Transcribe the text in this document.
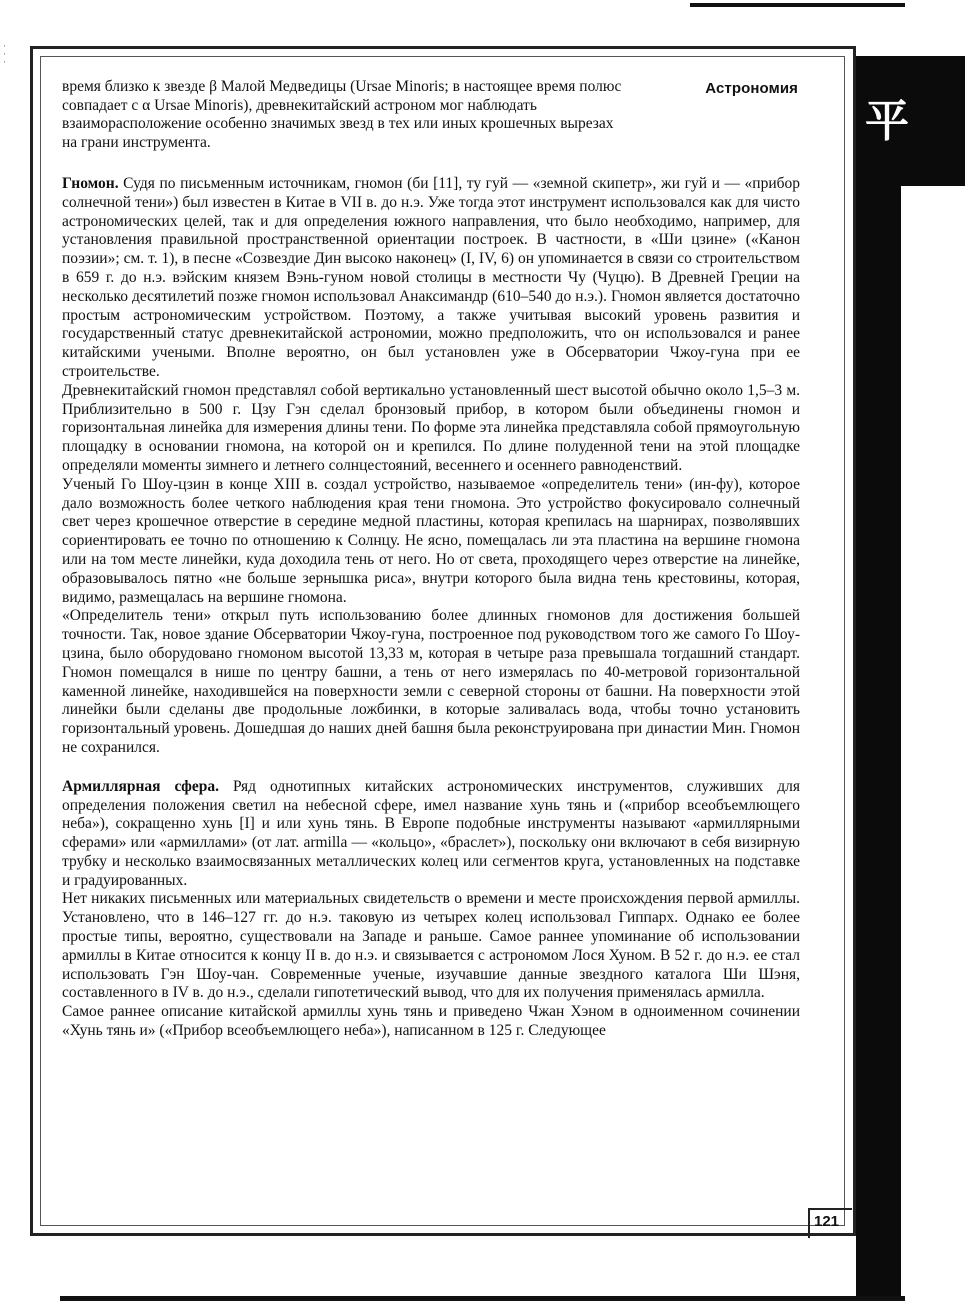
·
·
·
平
время близко к звезде β Малой Медведицы (Ursae Minoris; в настоящее время полюс совпадает с α Ursae Minoris), древнекитайский астроном мог наблюдать взаиморасположение особенно значимых звезд в тех или иных крошечных вырезах на грани инструмента.
Астрономия

Гномон. Судя по письменным источникам, гномон (би [11], ту гуй — «земной скипетр», жи гуй и — «прибор солнечной тени») был известен в Китае в VII в. до н.э. Уже тогда этот инструмент использовался как для чисто астрономических целей, так и для определения южного направления, что было необходимо, например, для установления правильной пространственной ориентации построек. В частности, в «Ши цзине» («Канон поэзии»; см. т. 1), в песне «Созвездие Дин высоко наконец» (I, IV, 6) он упоминается в связи со строительством в 659 г. до н.э. вэйским князем Вэнь-гуном новой столицы в местности Чу (Чуцю). В Древней Греции на несколько десятилетий позже гномон использовал Анаксимандр (610–540 до н.э.). Гномон является достаточно простым астрономическим устройством. Поэтому, а также учитывая высокий уровень развития и государственный статус древнекитайской астрономии, можно предположить, что он использовался и ранее китайскими учеными. Вполне вероятно, он был установлен уже в Обсерватории Чжоу-гуна при ее строительстве.

Древнекитайский гномон представлял собой вертикально установленный шест высотой обычно около 1,5–3 м. Приблизительно в 500 г. Цзу Гэн сделал бронзовый прибор, в котором были объединены гномон и горизонтальная линейка для измерения длины тени. По форме эта линейка представляла собой прямоугольную площадку в основании гномона, на которой он и крепился. По длине полуденной тени на этой площадке определяли моменты зимнего и летнего солнцестояний, весеннего и осеннего равноденствий.

Ученый Го Шоу-цзин в конце XIII в. создал устройство, называемое «определитель тени» (ин-фу), которое дало возможность более четкого наблюдения края тени гномона. Это устройство фокусировало солнечный свет через крошечное отверстие в середине медной пластины, которая крепилась на шарнирах, позволявших сориентировать ее точно по отношению к Солнцу. Не ясно, помещалась ли эта пластина на вершине гномона или на том месте линейки, куда доходила тень от него. Но от света, проходящего через отверстие на линейке, образовывалось пятно «не больше зернышка риса», внутри которого была видна тень крестовины, которая, видимо, размещалась на вершине гномона.

«Определитель тени» открыл путь использованию более длинных гномонов для достижения большей точности. Так, новое здание Обсерватории Чжоу-гуна, построенное под руководством того же самого Го Шоу-цзина, было оборудовано гномоном высотой 13,33 м, которая в четыре раза превышала тогдашний стандарт. Гномон помещался в нише по центру башни, а тень от него измерялась по 40-метровой горизонтальной каменной линейке, находившейся на поверхности земли с северной стороны от башни. На поверхности этой линейки были сделаны две продольные ложбинки, в которые заливалась вода, чтобы точно установить горизонтальный уровень. Дошедшая до наших дней башня была реконструирована при династии Мин. Гномон не сохранился.

Армиллярная сфера. Ряд однотипных китайских астрономических инструментов, служивших для определения положения светил на небесной сфере, имел название хунь тянь и («прибор всеобъемлющего неба»), сокращенно хунь [I] и или хунь тянь. В Европе подобные инструменты называют «армиллярными сферами» или «армиллами» (от лат. armilla — «кольцо», «браслет»), поскольку они включают в себя визирную трубку и несколько взаимосвязанных металлических колец или сегментов круга, установленных на подставке и градуированных.

Нет никаких письменных или материальных свидетельств о времени и месте происхождения первой армиллы. Установлено, что в 146–127 гг. до н.э. таковую из четырех колец использовал Гиппарх. Однако ее более простые типы, вероятно, существовали на Западе и раньше. Самое раннее упоминание об использовании армиллы в Китае относится к концу II в. до н.э. и связывается с астрономом Лося Хуном. В 52 г. до н.э. ее стал использовать Гэн Шоу-чан. Современные ученые, изучавшие данные звездного каталога Ши Шэня, составленного в IV в. до н.э., сделали гипотетический вывод, что для их получения применялась армилла.

Самое раннее описание китайской армиллы хунь тянь и приведено Чжан Хэном в одноименном сочинении «Хунь тянь и» («Прибор всеобъемлющего неба»), написанном в 125 г. Следующее

121
